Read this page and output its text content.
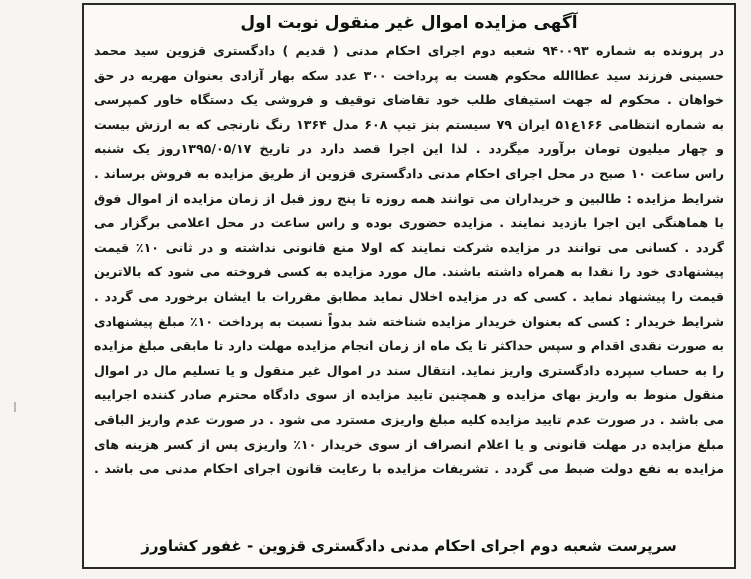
آگهی مزایده اموال غیر منقول نوبت اول
در پرونده به شماره ۹۴۰۰۹۳ شعبه دوم اجرای احکام مدنی ( قدیم ) دادگستری قزوین سید محمد
حسینی فرزند سید عطاالله محکوم هست به پرداخت ۳۰۰ عدد سکه بهار آزادی بعنوان مهریه در حق
خواهان . محکوم له جهت استیفای طلب خود تقاضای توقیف و فروشی یک دستگاه خاور کمپرسی
به شماره انتظامی ۱۶۶ع۵۱ ایران ۷۹ سیستم بنز تیپ ۶۰۸ مدل ۱۳۶۴ رنگ نارنجی که به ارزش بیست
و چهار میلیون تومان برآورد میگردد . لذا این اجرا قصد دارد در تاریخ ۱۳۹۵/۰۵/۱۷روز یک شنبه
راس ساعت ۱۰ صبح در محل اجرای احکام مدنی دادگستری قزوین از طریق مزایده به فروش برساند .
شرایط مزایده : طالبین و خریداران می توانند همه روزه تا پنج روز قبل از زمان مزایده از اموال فوق
با هماهنگی این اجرا بازدید نمایند . مزایده حضوری بوده و راس ساعت در محل اعلامی برگزار می
گردد . کسانی می توانند در مزایده شرکت نمایند که اولا منع قانونی نداشته و در ثانی ۱۰٪ قیمت
پیشنهادی خود را نقدا به همراه داشته باشند. مال مورد مزایده به کسی فروخته می شود که بالاترین
قیمت را پیشنهاد نماید . کسی که در مزایده اخلال نماید مطابق مقررات با ایشان برخورد می گردد .
شرایط خریدار : کسی که بعنوان خریدار مزایده شناخته شد بدواً نسبت به پرداخت ۱۰٪ مبلغ پیشنهادی
به صورت نقدی اقدام و سپس حداکثر تا یک ماه از زمان انجام مزایده مهلت دارد تا مابقی مبلغ مزایده
را به حساب سپرده دادگستری واریز نماید. انتقال سند در اموال غیر منقول و یا تسلیم مال در اموال
منقول منوط به واریز بهای مزایده و همچنین تایید مزایده از سوی دادگاه محترم صادر کننده اجراییه
می باشد . در صورت عدم تایید مزایده کلیه مبلغ واریزی مسترد می شود . در صورت عدم واریز الباقی
مبلغ مزایده در مهلت قانونی و یا اعلام انصراف از سوی خریدار ۱۰٪ واریزی پس از کسر هزینه های
مزایده به نفع دولت ضبط می گردد . تشریفات مزایده با رعایت قانون اجرای احکام مدنی می باشد .
سرپرست شعبه دوم اجرای احکام مدنی دادگستری قزوین - غفور کشاورز
